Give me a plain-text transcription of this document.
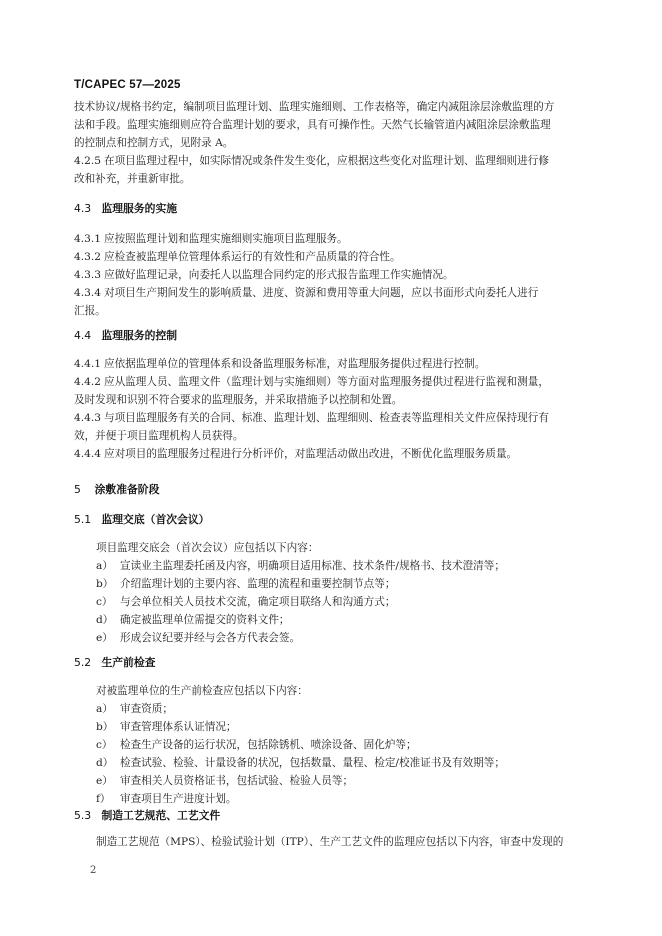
T/CAPEC 57—2025
技术协议/规格书约定，编制项目监理计划、监理实施细则、工作表格等，确定内减阻涂层涂敷监理的方
法和手段。监理实施细则应符合监理计划的要求，具有可操作性。天然气长输管道内减阻涂层涂敷监理
的控制点和控制方式，见附录 A。
4.2.5 在项目监理过程中，如实际情况或条件发生变化，应根据这些变化对监理计划、监理细则进行修
改和补充，并重新审批。
4.3 监理服务的实施
4.3.1 应按照监理计划和监理实施细则实施项目监理服务。
4.3.2 应检查被监理单位管理体系运行的有效性和产品质量的符合性。
4.3.3 应做好监理记录，向委托人以监理合同约定的形式报告监理工作实施情况。
4.3.4 对项目生产期间发生的影响质量、进度、资源和费用等重大问题，应以书面形式向委托人进行
汇报。
4.4 监理服务的控制
4.4.1 应依据监理单位的管理体系和设备监理服务标准，对监理服务提供过程进行控制。
4.4.2 应从监理人员、监理文件（监理计划与实施细则）等方面对监理服务提供过程进行监视和测量，
及时发现和识别不符合要求的监理服务，并采取措施予以控制和处置。
4.4.3 与项目监理服务有关的合同、标准、监理计划、监理细则、检查表等监理相关文件应保持现行有
效，并便于项目监理机构人员获得。
4.4.4 应对项目的监理服务过程进行分析评价，对监理活动做出改进，不断优化监理服务质量。
5 涂敷准备阶段
5.1 监理交底（首次会议）
项目监理交底会（首次会议）应包括以下内容：
a） 宣读业主监理委托函及内容，明确项目适用标准、技术条件/规格书、技术澄清等；
b） 介绍监理计划的主要内容、监理的流程和重要控制节点等；
c） 与会单位相关人员技术交流，确定项目联络人和沟通方式；
d） 确定被监理单位需提交的资料文件；
e） 形成会议纪要并经与会各方代表会签。
5.2 生产前检查
对被监理单位的生产前检查应包括以下内容：
a） 审查资质；
b） 审查管理体系认证情况；
c） 检查生产设备的运行状况，包括除锈机、喷涂设备、固化炉等；
d） 检查试验、检验、计量设备的状况，包括数量、量程、检定/校准证书及有效期等；
e） 审查相关人员资格证书，包括试验、检验人员等；
f） 审查项目生产进度计划。
5.3 制造工艺规范、工艺文件
制造工艺规范（MPS）、检验试验计划（ITP）、生产工艺文件的监理应包括以下内容，审查中发现的
2
